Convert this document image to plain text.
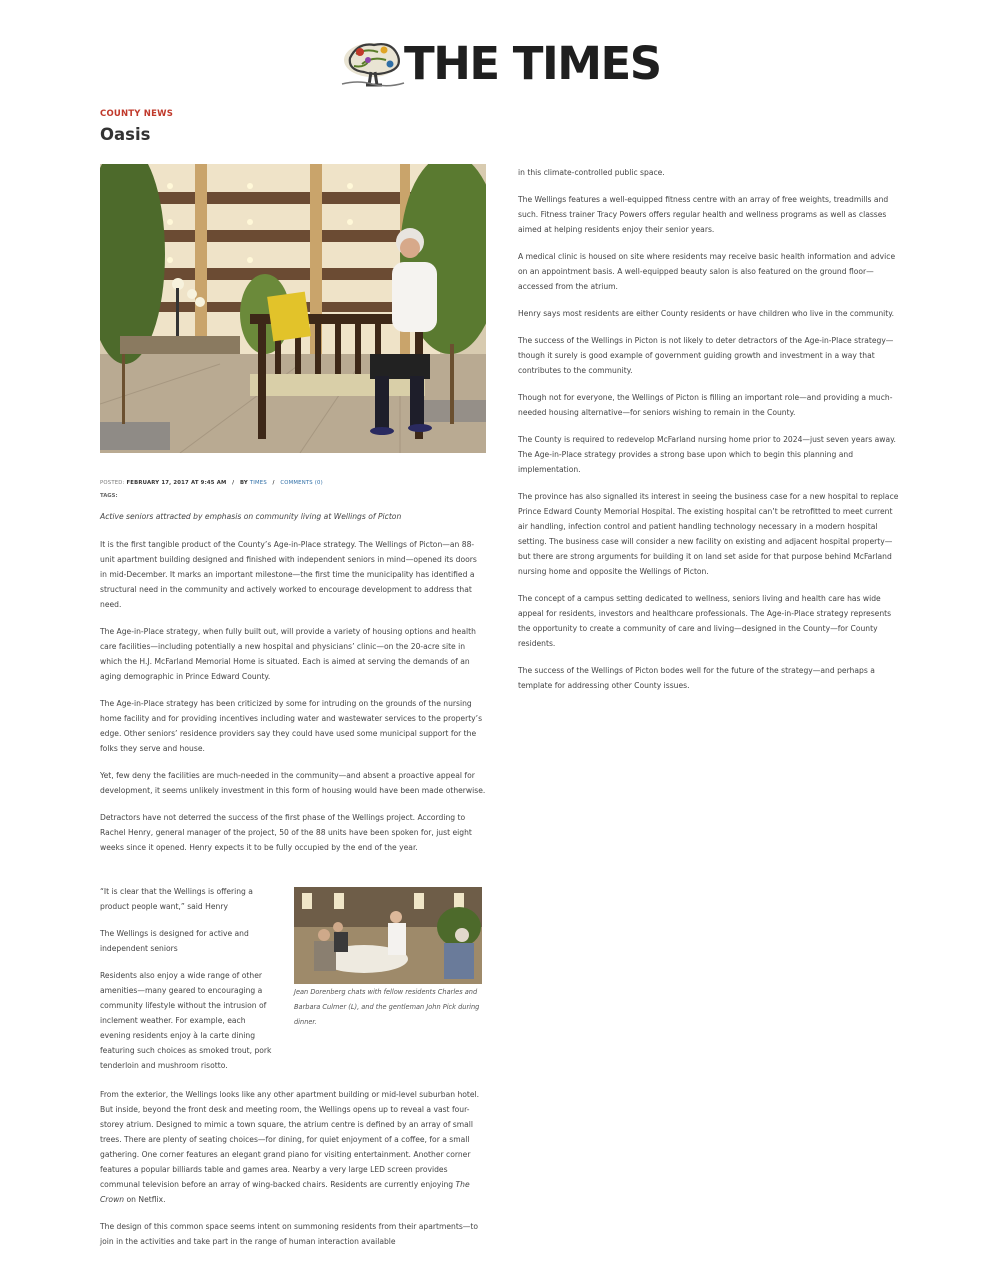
THE TIMES
COUNTY NEWS
Oasis
POSTED: FEBRUARY 17, 2017 AT 9:45 AM / BY TIMES / COMMENTS (0)
TAGS:
Active seniors attracted by emphasis on community living at Wellings of Picton

It is the first tangible product of the County’s Age-in-Place strategy. The Wellings of Picton—an 88-unit apartment building designed and finished with independent seniors in mind—opened its doors in mid-December. It marks an important milestone—the first time the municipality has identified a structural need in the community and actively worked to encourage development to address that need.

The Age-in-Place strategy, when fully built out, will provide a variety of housing options and health care facilities—including potentially a new hospital and physicians’ clinic—on the 20-acre site in which the H.J. McFarland Memorial Home is situated. Each is aimed at serving the demands of an aging demographic in Prince Edward County.

The Age-in-Place strategy has been criticized by some for intruding on the grounds of the nursing home facility and for providing incentives including water and wastewater services to the property’s edge. Other seniors’ residence providers say they could have used some municipal support for the folks they serve and house.

Yet, few deny the facilities are much-needed in the community—and absent a proactive appeal for development, it seems unlikely investment in this form of housing would have been made otherwise.

Detractors have not deterred the success of the first phase of the Wellings project. According to Rachel Henry, general manager of the project, 50 of the 88 units have been spoken for, just eight weeks since it opened. Henry expects it to be fully occupied by the end of the year.

“It is clear that the Wellings is offering a product people want,” said Henry

The Wellings is designed for active and independent seniors

Residents also enjoy a wide range of other amenities—many geared to encouraging a community lifestyle without the intrusion of inclement weather. For example, each evening residents enjoy à la carte dining featuring such choices as smoked trout, pork tenderloin and mushroom risotto.

Jean Dorenberg chats with fellow residents Charles and Barbara Culmer (L), and the gentleman John Pick during dinner.

From the exterior, the Wellings looks like any other apartment building or mid-level suburban hotel. But inside, beyond the front desk and meeting room, the Wellings opens up to reveal a vast four-storey atrium. Designed to mimic a town square, the atrium centre is defined by an array of small trees. There are plenty of seating choices—for dining, for quiet enjoyment of a coffee, for a small gathering. One corner features an elegant grand piano for visiting entertainment. Another corner features a popular billiards table and games area. Nearby a very large LED screen provides communal television before an array of wing-backed chairs. Residents are currently enjoying The Crown on Netflix.

The design of this common space seems intent on summoning residents from their apartments—to join in the activities and take part in the range of human interaction available

in this climate-controlled public space.

The Wellings features a well-equipped fitness centre with an array of free weights, treadmills and such. Fitness trainer Tracy Powers offers regular health and wellness programs as well as classes aimed at helping residents enjoy their senior years.

A medical clinic is housed on site where residents may receive basic health information and advice on an appointment basis. A well-equipped beauty salon is also featured on the ground floor—accessed from the atrium.

Henry says most residents are either County residents or have children who live in the community.

The success of the Wellings in Picton is not likely to deter detractors of the Age-in-Place strategy— though it surely is good example of government guiding growth and investment in a way that contributes to the community.

Though not for everyone, the Wellings of Picton is filling an important role—and providing a much-needed housing alternative—for seniors wishing to remain in the County.

The County is required to redevelop McFarland nursing home prior to 2024—just seven years away. The Age-in-Place strategy provides a strong base upon which to begin this planning and implementation.

The province has also signalled its interest in seeing the business case for a new hospital to replace Prince Edward County Memorial Hospital. The existing hospital can’t be retrofitted to meet current air handling, infection control and patient handling technology necessary in a modern hospital setting. The business case will consider a new facility on existing and adjacent hospital property—but there are strong arguments for building it on land set aside for that purpose behind McFarland nursing home and opposite the Wellings of Picton.

The concept of a campus setting dedicated to wellness, seniors living and health care has wide appeal for residents, investors and healthcare professionals. The Age-in-Place strategy represents the opportunity to create a community of care and living—designed in the County—for County residents.

The success of the Wellings of Picton bodes well for the future of the strategy—and perhaps a template for addressing other County issues.
